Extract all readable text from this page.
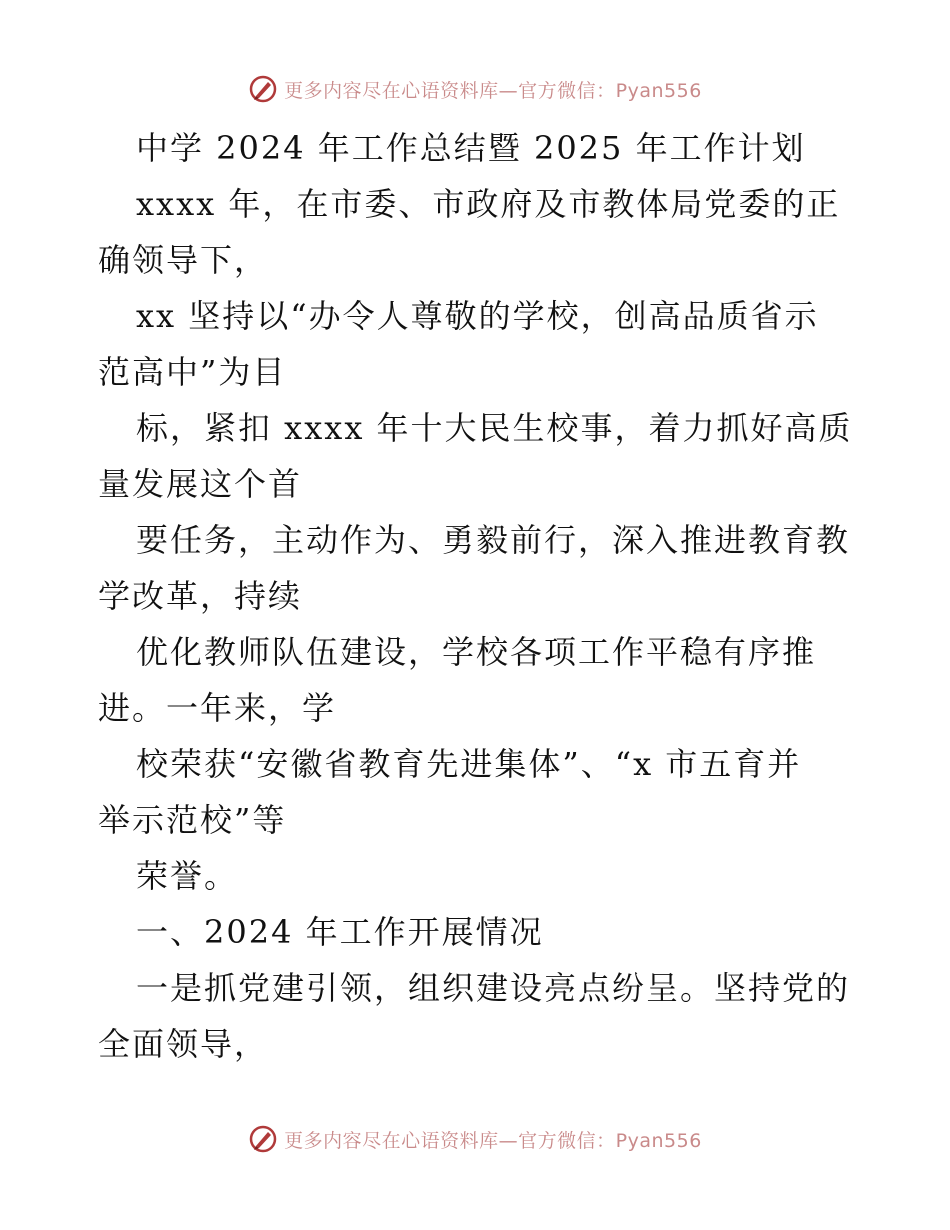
更多内容尽在心语资料库—官方微信：Pyan556
中学 2024 年工作总结暨 2025 年工作计划
xxxx 年，在市委、市政府及市教体局党委的正
确领导下，
xx 坚持以“办令人尊敬的学校，创高品质省示
范高中”为目
标，紧扣 xxxx 年十大民生校事，着力抓好高质
量发展这个首
要任务，主动作为、勇毅前行，深入推进教育教
学改革，持续
优化教师队伍建设，学校各项工作平稳有序推
进。一年来，学
校荣获“安徽省教育先进集体”、“x 市五育并
举示范校”等
荣誉。
一、2024 年工作开展情况
一是抓党建引领，组织建设亮点纷呈。坚持党的
全面领导，
更多内容尽在心语资料库—官方微信：Pyan556
